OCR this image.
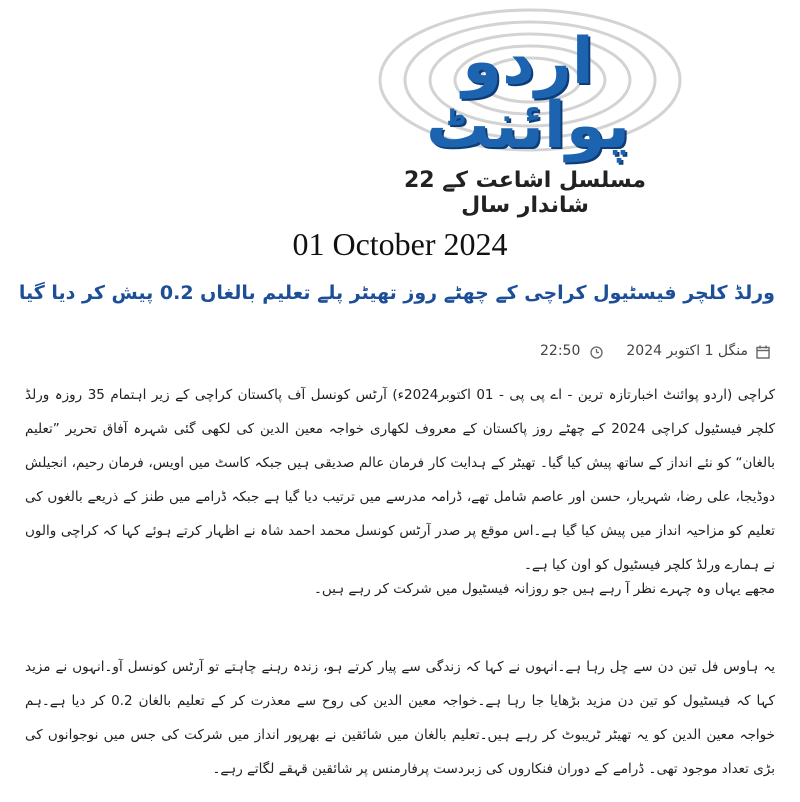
اردو پوائنٹ
مسلسل اشاعت کے 22 شاندار سال
01 October 2024
ورلڈ کلچر فیسٹیول کراچی کے چھٹے روز تھیٹر پلے تعلیم بالغاں 0.2 پیش کر دیا گیا
منگل 1 اکتوبر 2024
22:50
کراچی (اردو پوائنٹ اخبارتازہ ترین - اے پی پی - 01 اکتوبر2024ء) آرٹس کونسل آف پاکستان کراچی کے زیر اہتمام 35 روزہ ورلڈ کلچر فیسٹیول کراچی 2024 کے چھٹے روز پاکستان کے معروف لکھاری خواجہ معین الدین کی لکھی گئی شہرہ آفاق تحریر ”تعلیم بالغان“ کو نئے انداز کے ساتھ پیش کیا گیا۔ تھیٹر کے ہدایت کار فرمان عالم صدیقی ہیں جبکہ کاسٹ میں اویس، فرمان رحیم، انجیلش دوڈیجا، علی رضا، شہریار، حسن اور عاصم شامل تھے، ڈرامہ مدرسے میں ترتیب دیا گیا ہے جبکہ ڈرامے میں طنز کے ذریعے بالغوں کی تعلیم کو مزاحیہ انداز میں پیش کیا گیا ہے۔اس موقع پر صدر آرٹس کونسل محمد احمد شاہ نے اظہار کرتے ہوئے کہا کہ کراچی والوں نے ہمارے ورلڈ کلچر فیسٹیول کو اون کیا ہے۔
مجھے یہاں وہ چہرے نظر آ رہے ہیں جو روزانہ فیسٹیول میں شرکت کر رہے ہیں۔
یہ ہاوس فل تین دن سے چل رہا ہے۔انہوں نے کہا کہ زندگی سے پیار کرتے ہو، زندہ رہنے چاہتے تو آرٹس کونسل آو۔انہوں نے مزید کہا کہ فیسٹیول کو تین دن مزید بڑھایا جا رہا ہے۔خواجہ معین الدین کی روح سے معذرت کر کے تعلیم بالغان 0.2 کر دیا ہے۔ہم خواجہ معین الدین کو یہ تھیٹر ٹریبوٹ کر رہے ہیں۔تعلیم بالغان میں شائقین نے بھرپور انداز میں شرکت کی جس میں نوجوانوں کی بڑی تعداد موجود تھی۔ ڈرامے کے دوران فنکاروں کی زبردست پرفارمنس پر شائقین قہقے لگاتے رہے۔
